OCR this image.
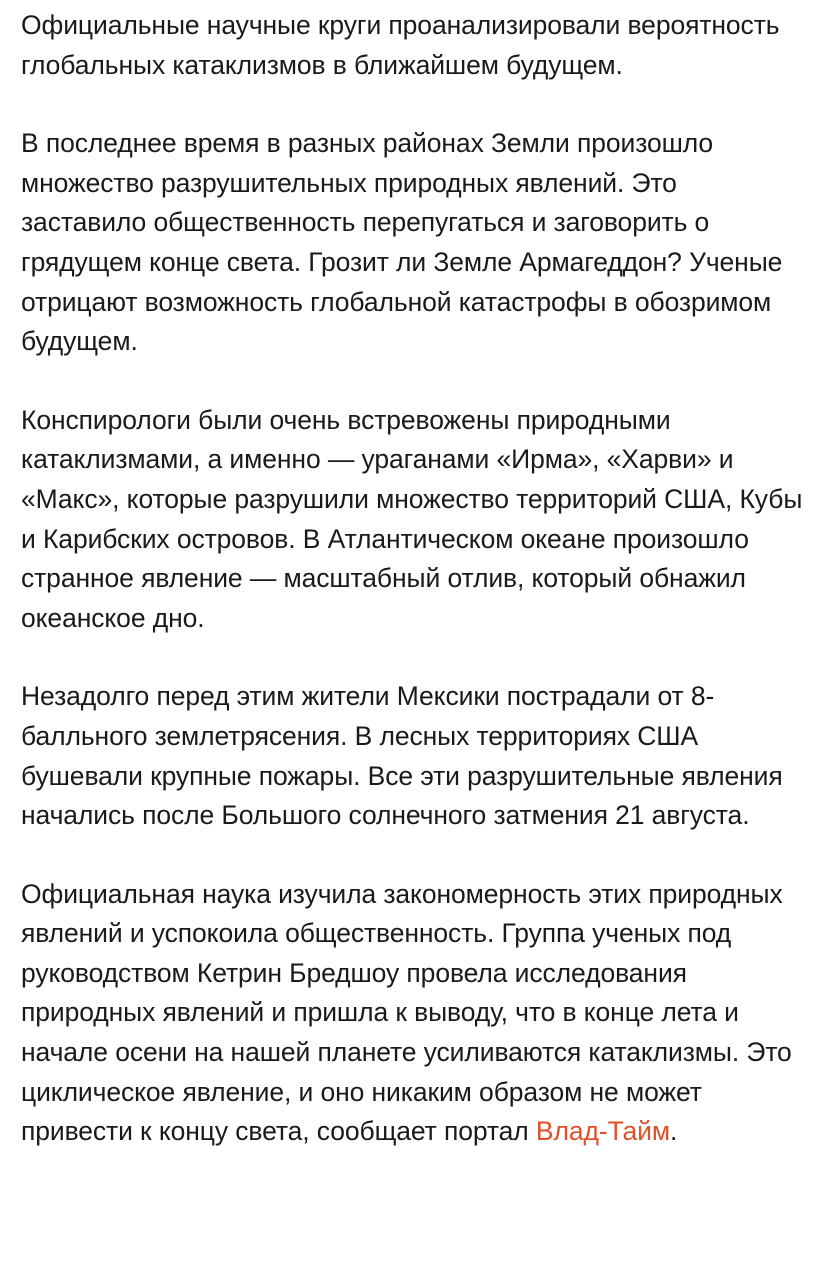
Официальные научные круги проанализировали вероятность глобальных катаклизмов в ближайшем будущем.

В последнее время в разных районах Земли произошло множество разрушительных природных явлений. Это заставило общественность перепугаться и заговорить о грядущем конце света. Грозит ли Земле Армагеддон? Ученые отрицают возможность глобальной катастрофы в обозримом будущем.

Конспирологи были очень встревожены природными катаклизмами, а именно — ураганами «Ирма», «Харви» и «Макс», которые разрушили множество территорий США, Кубы и Карибских островов. В Атлантическом океане произошло странное явление — масштабный отлив, который обнажил океанское дно.

Незадолго перед этим жители Мексики пострадали от 8-балльного землетрясения. В лесных территориях США бушевали крупные пожары. Все эти разрушительные явления начались после Большого солнечного затмения 21 августа.

Официальная наука изучила закономерность этих природных явлений и успокоила общественность. Группа ученых под руководством Кетрин Бредшоу провела исследования природных явлений и пришла к выводу, что в конце лета и начале осени на нашей планете усиливаются катаклизмы. Это циклическое явление, и оно никаким образом не может привести к концу света, сообщает портал Влад-Тайм.
